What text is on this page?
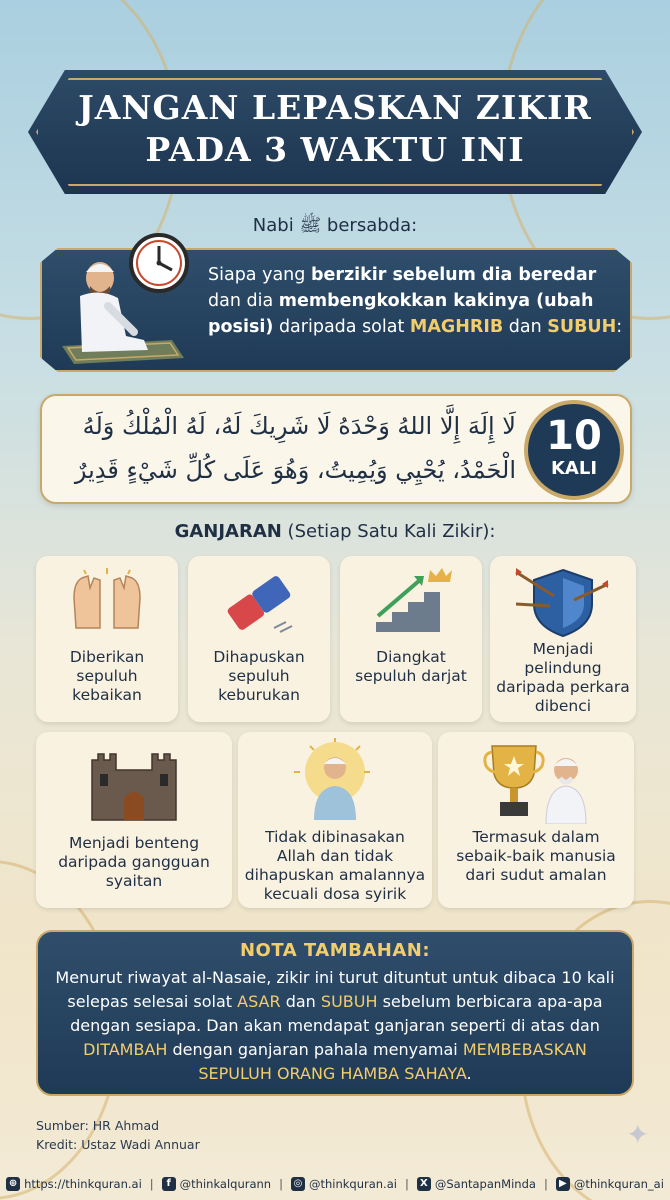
JANGAN LEPASKAN ZIKIR
PADA 3 WAKTU INI
Nabi ﷺ bersabda:
Siapa yang berzikir sebelum dia beredar dan dia membengkokkan kakinya (ubah posisi) daripada solat MAGHRIB dan SUBUH:
لَا إِلَهَ إِلَّا اللهُ وَحْدَهُ لَا شَرِيكَ لَهُ، لَهُ الْمُلْكُ وَلَهُ
الْحَمْدُ، يُحْيِي وَيُمِيتُ، وَهُوَ عَلَى كُلِّ شَيْءٍ قَدِيرٌ
10
KALI
GANJARAN (Setiap Satu Kali Zikir):
Diberikan sepuluh kebaikan
Dihapuskan sepuluh keburukan
Diangkat sepuluh darjat
Menjadi pelindung daripada perkara dibenci
Menjadi benteng daripada gangguan syaitan
Tidak dibinasakan Allah dan tidak dihapuskan amalannya kecuali dosa syirik
Termasuk dalam sebaik-baik manusia dari sudut amalan
NOTA TAMBAHAN:
Menurut riwayat al-Nasaie, zikir ini turut dituntut untuk dibaca 10 kali selepas selesai solat ASAR dan SUBUH sebelum berbicara apa-apa dengan sesiapa. Dan akan mendapat ganjaran seperti di atas dan DITAMBAH dengan ganjaran pahala menyamai MEMBEBASKAN SEPULUH ORANG HAMBA SAHAYA.
Sumber: HR Ahmad
Kredit: Ustaz Wadi Annuar	✦
⊕ https://thinkquran.ai |	f @thinkalqurann | ◎ @thinkquran.ai |	X @SantapanMinda |	▶ @thinkquran_ai
